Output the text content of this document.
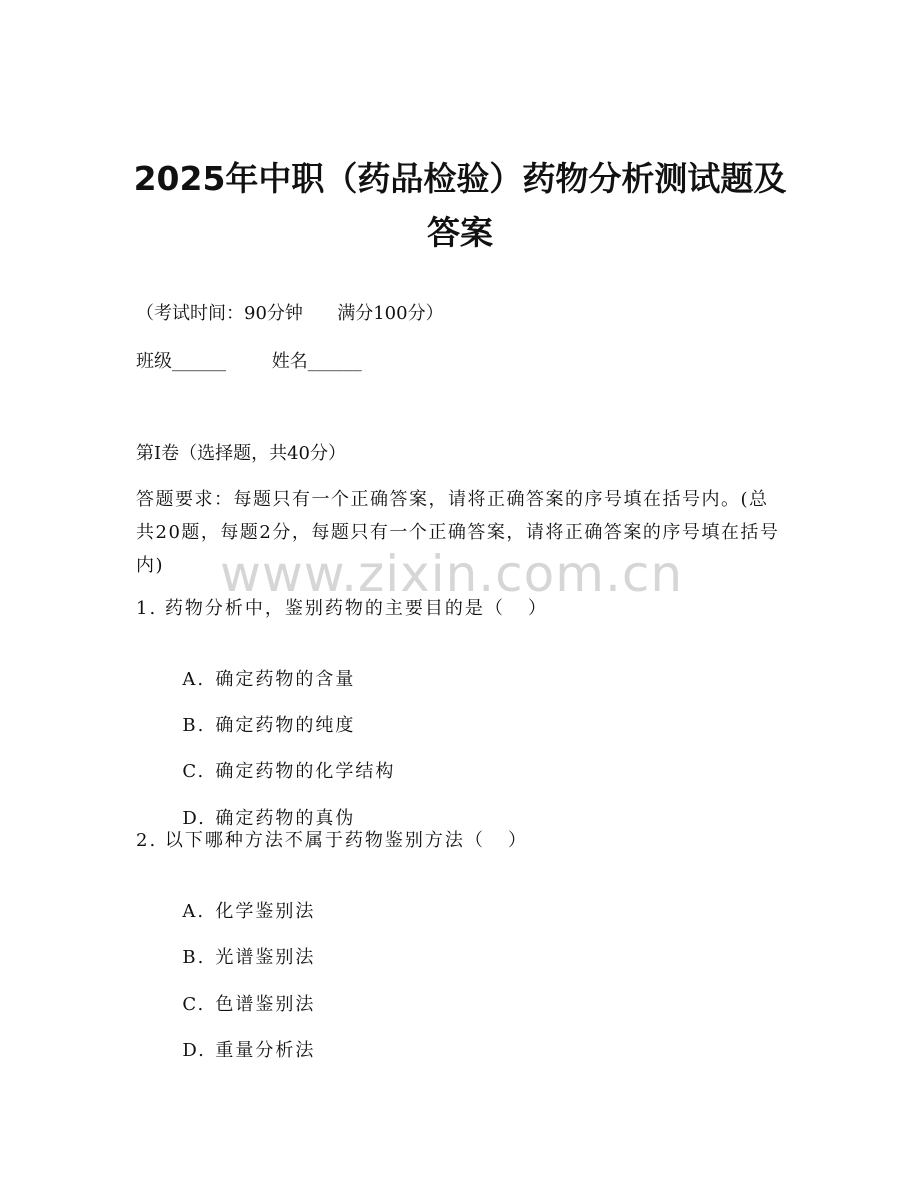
www.zixin.com.cn
2025年中职（药品检验）药物分析测试题及
答案

（考试时间：90分钟      满分100分）

班级______        姓名______

第I卷（选择题，共40分）

答题要求：每题只有一个正确答案，请将正确答案的序号填在括号内。(总共20题，每题2分，每题只有一个正确答案，请将正确答案的序号填在括号内)

1. 药物分析中，鉴别药物的主要目的是（   ）

A. 确定药物的含量

B. 确定药物的纯度

C. 确定药物的化学结构

D. 确定药物的真伪

2. 以下哪种方法不属于药物鉴别方法（   ）

A. 化学鉴别法

B. 光谱鉴别法

C. 色谱鉴别法

D. 重量分析法
